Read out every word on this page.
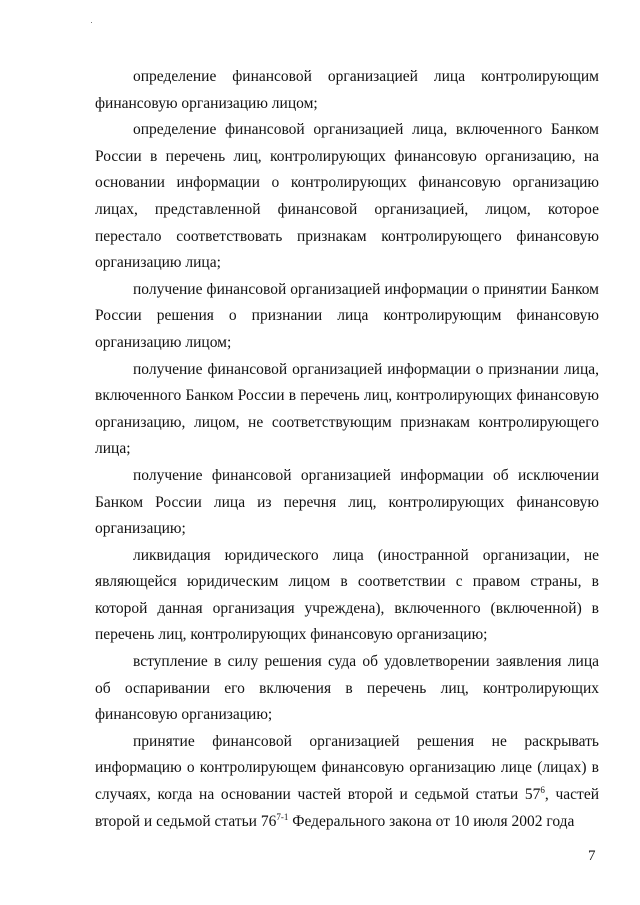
определение финансовой организацией лица контролирующим финансовую организацию лицом;

определение финансовой организацией лица, включенного Банком России в перечень лиц, контролирующих финансовую организацию, на основании информации о контролирующих финансовую организацию лицах, представленной финансовой организацией, лицом, которое перестало соответствовать признакам контролирующего финансовую организацию лица;

получение финансовой организацией информации о принятии Банком России решения о признании лица контролирующим финансовую организацию лицом;

получение финансовой организацией информации о признании лица, включенного Банком России в перечень лиц, контролирующих финансовую организацию, лицом, не соответствующим признакам контролирующего лица;

получение финансовой организацией информации об исключении Банком России лица из перечня лиц, контролирующих финансовую организацию;

ликвидация юридического лица (иностранной организации, не являющейся юридическим лицом в соответствии с правом страны, в которой данная организация учреждена), включенного (включенной) в перечень лиц, контролирующих финансовую организацию;

вступление в силу решения суда об удовлетворении заявления лица об оспаривании его включения в перечень лиц, контролирующих финансовую организацию;

принятие финансовой организацией решения не раскрывать информацию о контролирующем финансовую организацию лице (лицах) в случаях, когда на основании частей второй и седьмой статьи $57^6$, частей второй и седьмой статьи 76$^{7-1}$ Федерального закона от 10 июля 2002 года

7
